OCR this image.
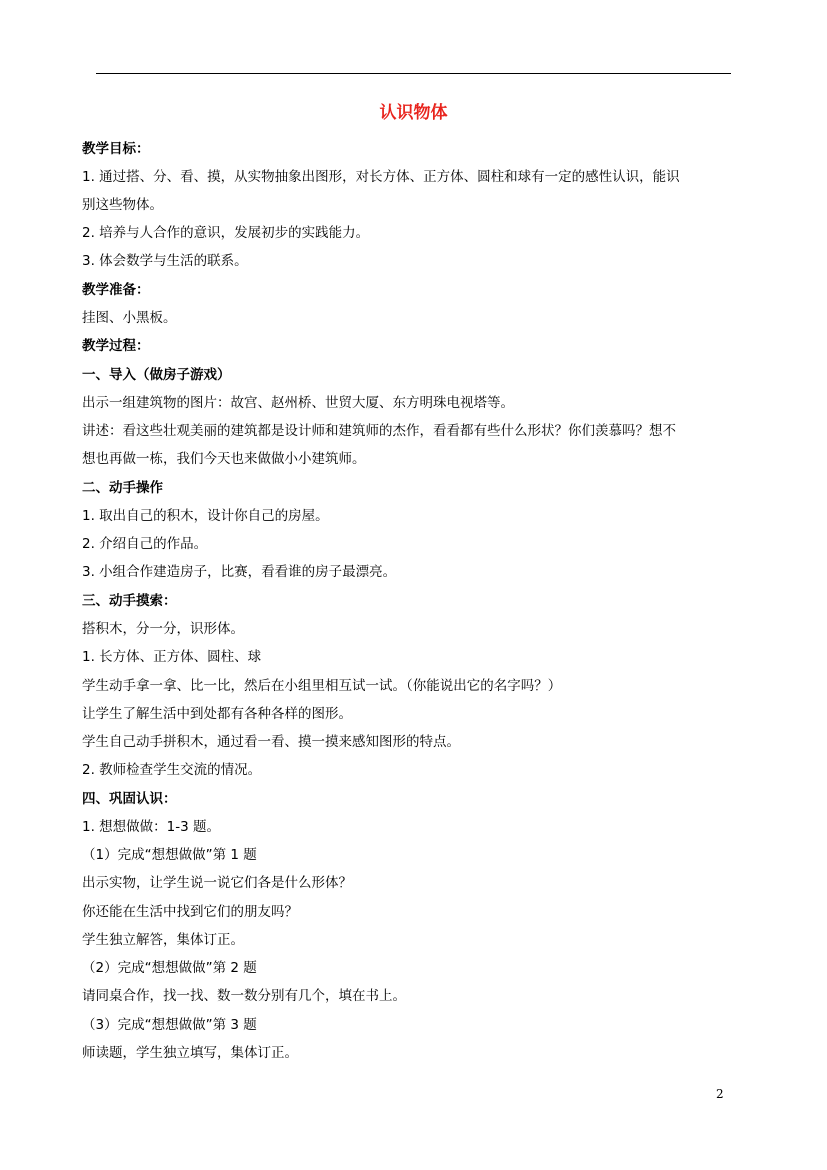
认识物体
教学目标：
1. 通过搭、分、看、摸，从实物抽象出图形，对长方体、正方体、圆柱和球有一定的感性认识，能识
别这些物体。
2. 培养与人合作的意识，发展初步的实践能力。
3. 体会数学与生活的联系。
教学准备：
挂图、小黑板。
教学过程：
一、导入（做房子游戏）
出示一组建筑物的图片：故宫、赵州桥、世贸大厦、东方明珠电视塔等。
讲述：看这些壮观美丽的建筑都是设计师和建筑师的杰作，看看都有些什么形状？你们羡慕吗？想不
想也再做一栋，我们今天也来做做小小建筑师。
二、动手操作
1. 取出自己的积木，设计你自己的房屋。
2. 介绍自己的作品。
3. 小组合作建造房子，比赛，看看谁的房子最漂亮。
三、动手摸索：
搭积木，分一分，识形体。
1. 长方体、正方体、圆柱、球
学生动手拿一拿、比一比，然后在小组里相互试一试。（你能说出它的名字吗？）
让学生了解生活中到处都有各种各样的图形。
学生自己动手拼积木，通过看一看、摸一摸来感知图形的特点。
2. 教师检查学生交流的情况。
四、巩固认识：
1. 想想做做：1-3 题。
（1）完成“想想做做”第 1 题
出示实物，让学生说一说它们各是什么形体？
你还能在生活中找到它们的朋友吗？
学生独立解答，集体订正。
（2）完成“想想做做”第 2 题
请同桌合作，找一找、数一数分别有几个，填在书上。
（3）完成“想想做做”第 3 题
师读题，学生独立填写，集体订正。
2
